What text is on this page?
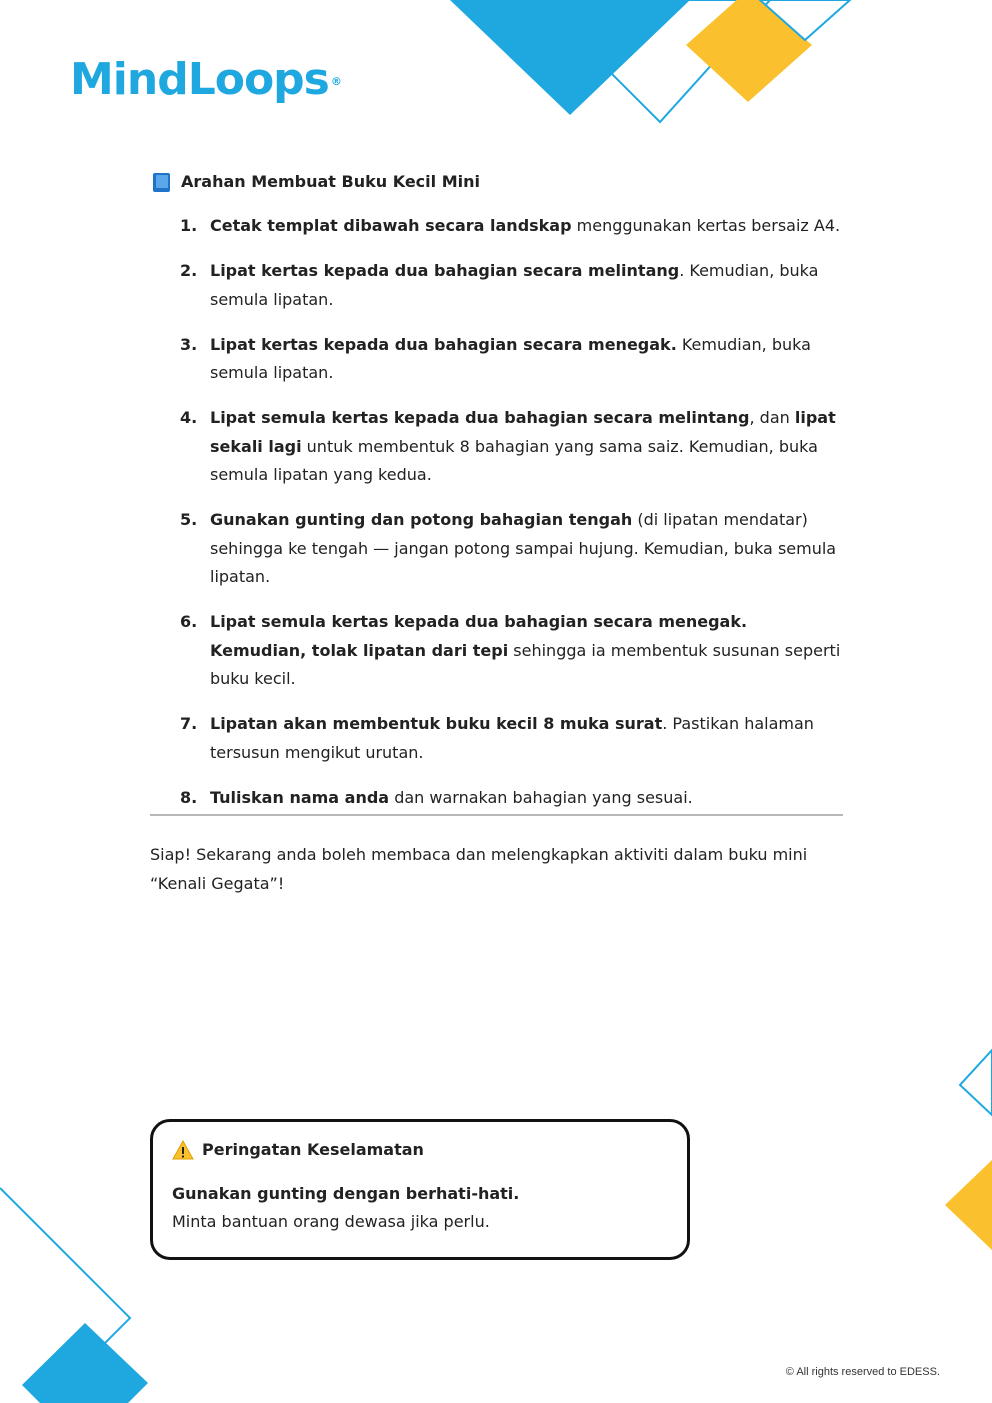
MindLoops ®
Arahan Membuat Buku Kecil Mini
1. Cetak templat dibawah secara landskap menggunakan kertas bersaiz A4.
2. Lipat kertas kepada dua bahagian secara melintang. Kemudian, buka semula lipatan.
3. Lipat kertas kepada dua bahagian secara menegak. Kemudian, buka semula lipatan.
4. Lipat semula kertas kepada dua bahagian secara melintang, dan lipat sekali lagi untuk membentuk 8 bahagian yang sama saiz. Kemudian, buka semula lipatan yang kedua.
5. Gunakan gunting dan potong bahagian tengah (di lipatan mendatar) sehingga ke tengah — jangan potong sampai hujung. Kemudian, buka semula lipatan.
6. Lipat semula kertas kepada dua bahagian secara menegak. Kemudian, tolak lipatan dari tepi sehingga ia membentuk susunan seperti buku kecil.
7. Lipatan akan membentuk buku kecil 8 muka surat. Pastikan halaman tersusun mengikut urutan.
8. Tuliskan nama anda dan warnakan bahagian yang sesuai.
Siap! Sekarang anda boleh membaca dan melengkapkan aktiviti dalam buku mini “Kenali Gegata”!
Peringatan Keselamatan
Gunakan gunting dengan berhati-hati.
Minta bantuan orang dewasa jika perlu.
© All rights reserved to EDESS.
